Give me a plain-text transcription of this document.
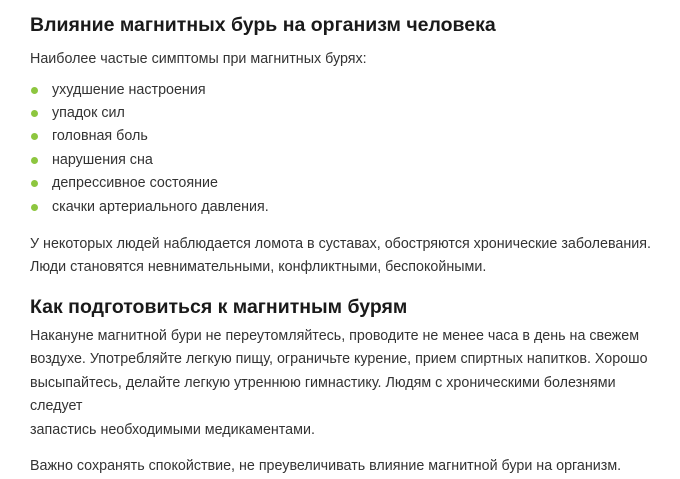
Влияние магнитных бурь на организм человека

Наиболее частые симптомы при магнитных бурях:

ухудшение настроения
упадок сил
головная боль
нарушения сна
депрессивное состояние
скачки артериального давления.

У некоторых людей наблюдается ломота в суставах, обостряются хронические заболевания.
Люди становятся невнимательными, конфликтными, беспокойными.

Как подготовиться к магнитным бурям

Накануне магнитной бури не переутомляйтесь, проводите не менее часа в день на свежем
воздухе. Употребляйте легкую пищу, ограничьте курение, прием спиртных напитков. Хорошо
высыпайтесь, делайте легкую утреннюю гимнастику. Людям с хроническими болезнями следует
запастись необходимыми медикаментами.

Важно сохранять спокойствие, не преувеличивать влияние магнитной бури на организм.
